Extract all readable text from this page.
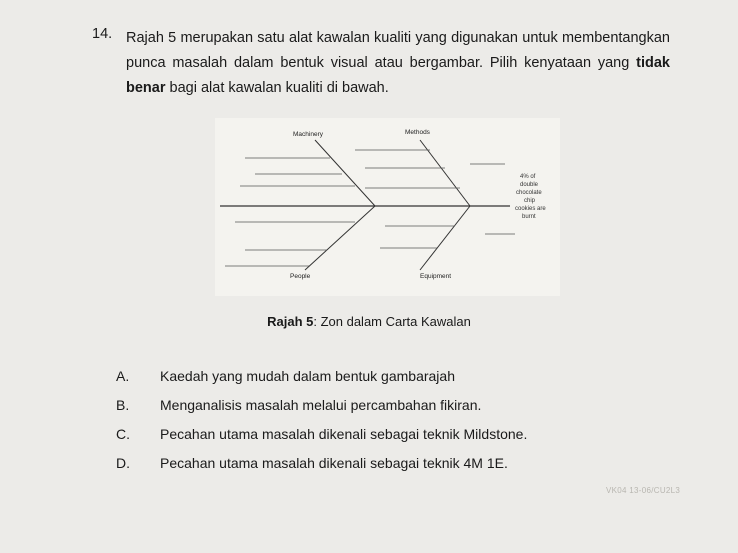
14. Rajah 5 merupakan satu alat kawalan kualiti yang digunakan untuk membentangkan punca masalah dalam bentuk visual atau bergambar. Pilih kenyataan yang tidak benar bagi alat kawalan kualiti di bawah.
Machinery	Methods
People	Equipment
4% of
double
chocolate
chip
cookies are
burnt
Rajah 5: Zon dalam Carta Kawalan
A. Kaedah yang mudah dalam bentuk gambarajah
B. Menganalisis masalah melalui percambahan fikiran.
C. Pecahan utama masalah dikenali sebagai teknik Mildstone.
D. Pecahan utama masalah dikenali sebagai teknik 4M 1E.
VK04 13-06/CU2L3
